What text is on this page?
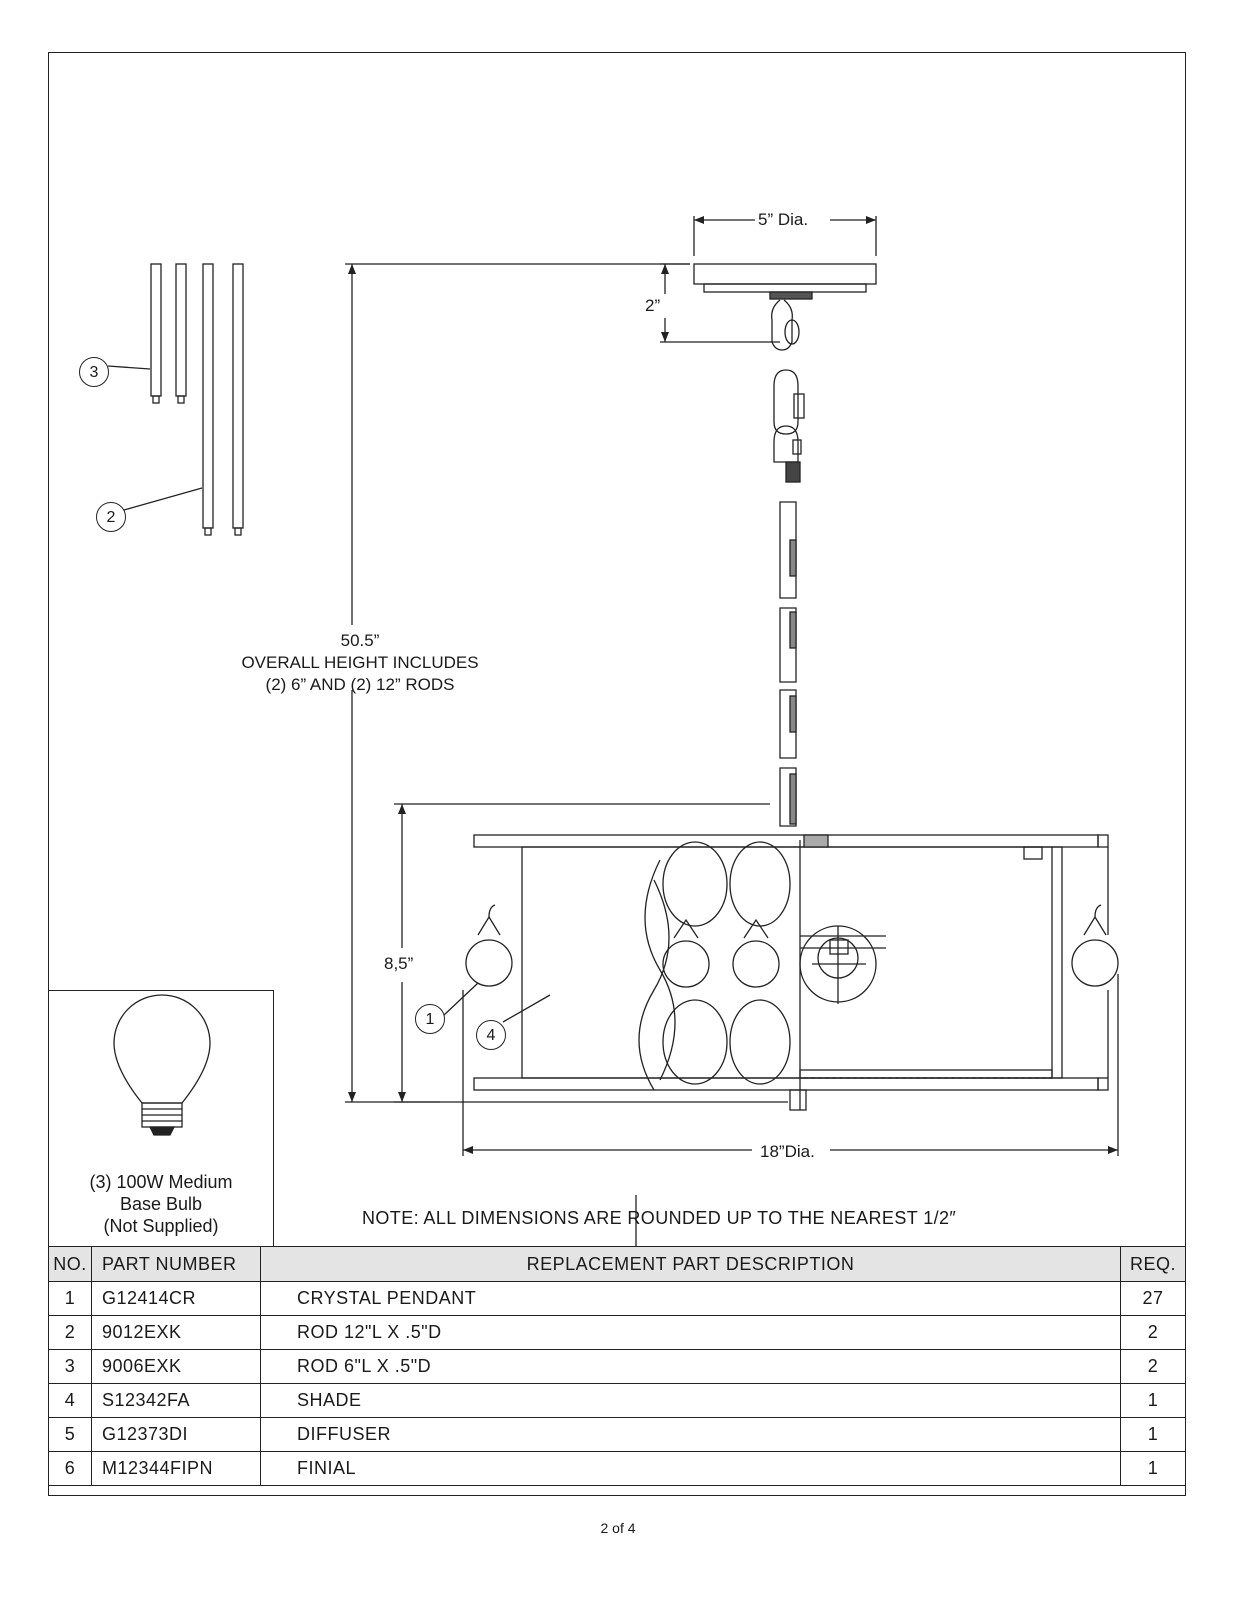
5” Dia.
2”
50.5”
OVERALL HEIGHT INCLUDES
(2) 6” AND (2) 12” RODS
8,5”
18”Dia.
3
2
1
4
(3) 100W Medium
Base Bulb
(Not Supplied)	NOTE: ALL DIMENSIONS ARE ROUNDED UP TO THE NEAREST 1/2″
NO.	PART NUMBER	REPLACEMENT PART DESCRIPTION	REQ.
1	G12414CR	CRYSTAL PENDANT	27
2	9012EXK	ROD 12"L X .5"D	2
3	9006EXK	ROD 6"L X .5"D	2
4	S12342FA	SHADE	1
5	G12373DI	DIFFUSER	1
6	M12344FIPN	FINIAL	1
2 of 4
